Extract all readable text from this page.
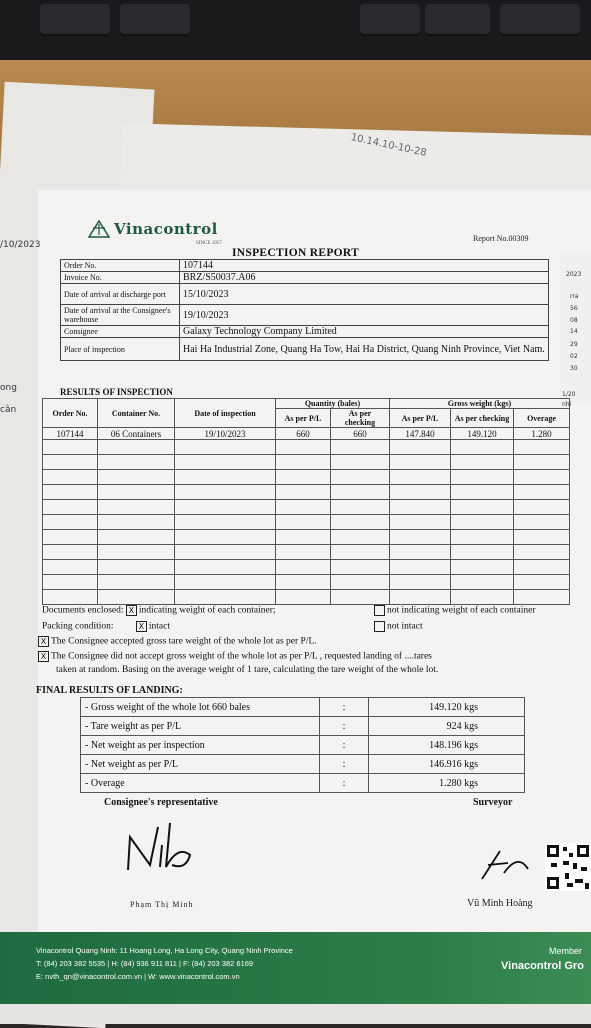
10.14.10-10-28
/10/2023
ong
cân
2023
rra
56
08
14
29
02
30
1/20
nhi
Vinacontrol
SINCE 1957
Report No.00309
INSPECTION REPORT
Order No.	107144
Invoice No.	BRZ/S50037.A06
Date of arrival at discharge port	15/10/2023
Date of arrival at the Consignee's warehouse	19/10/2023
Consignee	Galaxy Technology Company Limited
Place of inspection	Hai Ha Industrial Zone, Quang Ha Tow, Hai Ha District, Quang Ninh Province, Viet Nam.
RESULTS OF INSPECTION
Order No.	Container No.	Date of inspection	Quantity (bales)		Gross weight (kgs)		
			As per P/L	As per checking	As per P/L	As per checking	Overage
107144	06 Containers	19/10/2023	660	660	147.840	149.120	1.280

Documents enclosed: X indicating weight of each container;	not indicating weight of each container
Packing condition:	X intact	not intact
X The Consignee accepted gross tare weight of the whole lot as per P/L.
X The Consignee did not accept gross weight of the whole lot as per P/L , requested landing of ....tares
taken at random. Basing on the average weight of 1 tare, calculating the tare weight of the whole lot.
FINAL RESULTS OF LANDING:
- Gross weight of the whole lot 660 bales	:	149.120 kgs
- Tare weight as per P/L	:	924 kgs
- Net weight as per inspection	:	148.196 kgs
- Net weight as per P/L	:	146.916 kgs
- Overage	:	1.280 kgs
Consignee's representative	Surveyor
Phạm Thị Minh	Vũ Minh Hoàng
Vinacontrol Quang Ninh: 11 Hoang Long, Ha Long City, Quang Ninh Province
T: (84) 203 382 5535 | H: (84) 936 911 811 | F: (84) 203 382 6169
E: nvth_qn@vinacontrol.com.vn | W: www.vinacontrol.com.vn
Member
Vinacontrol Gro
